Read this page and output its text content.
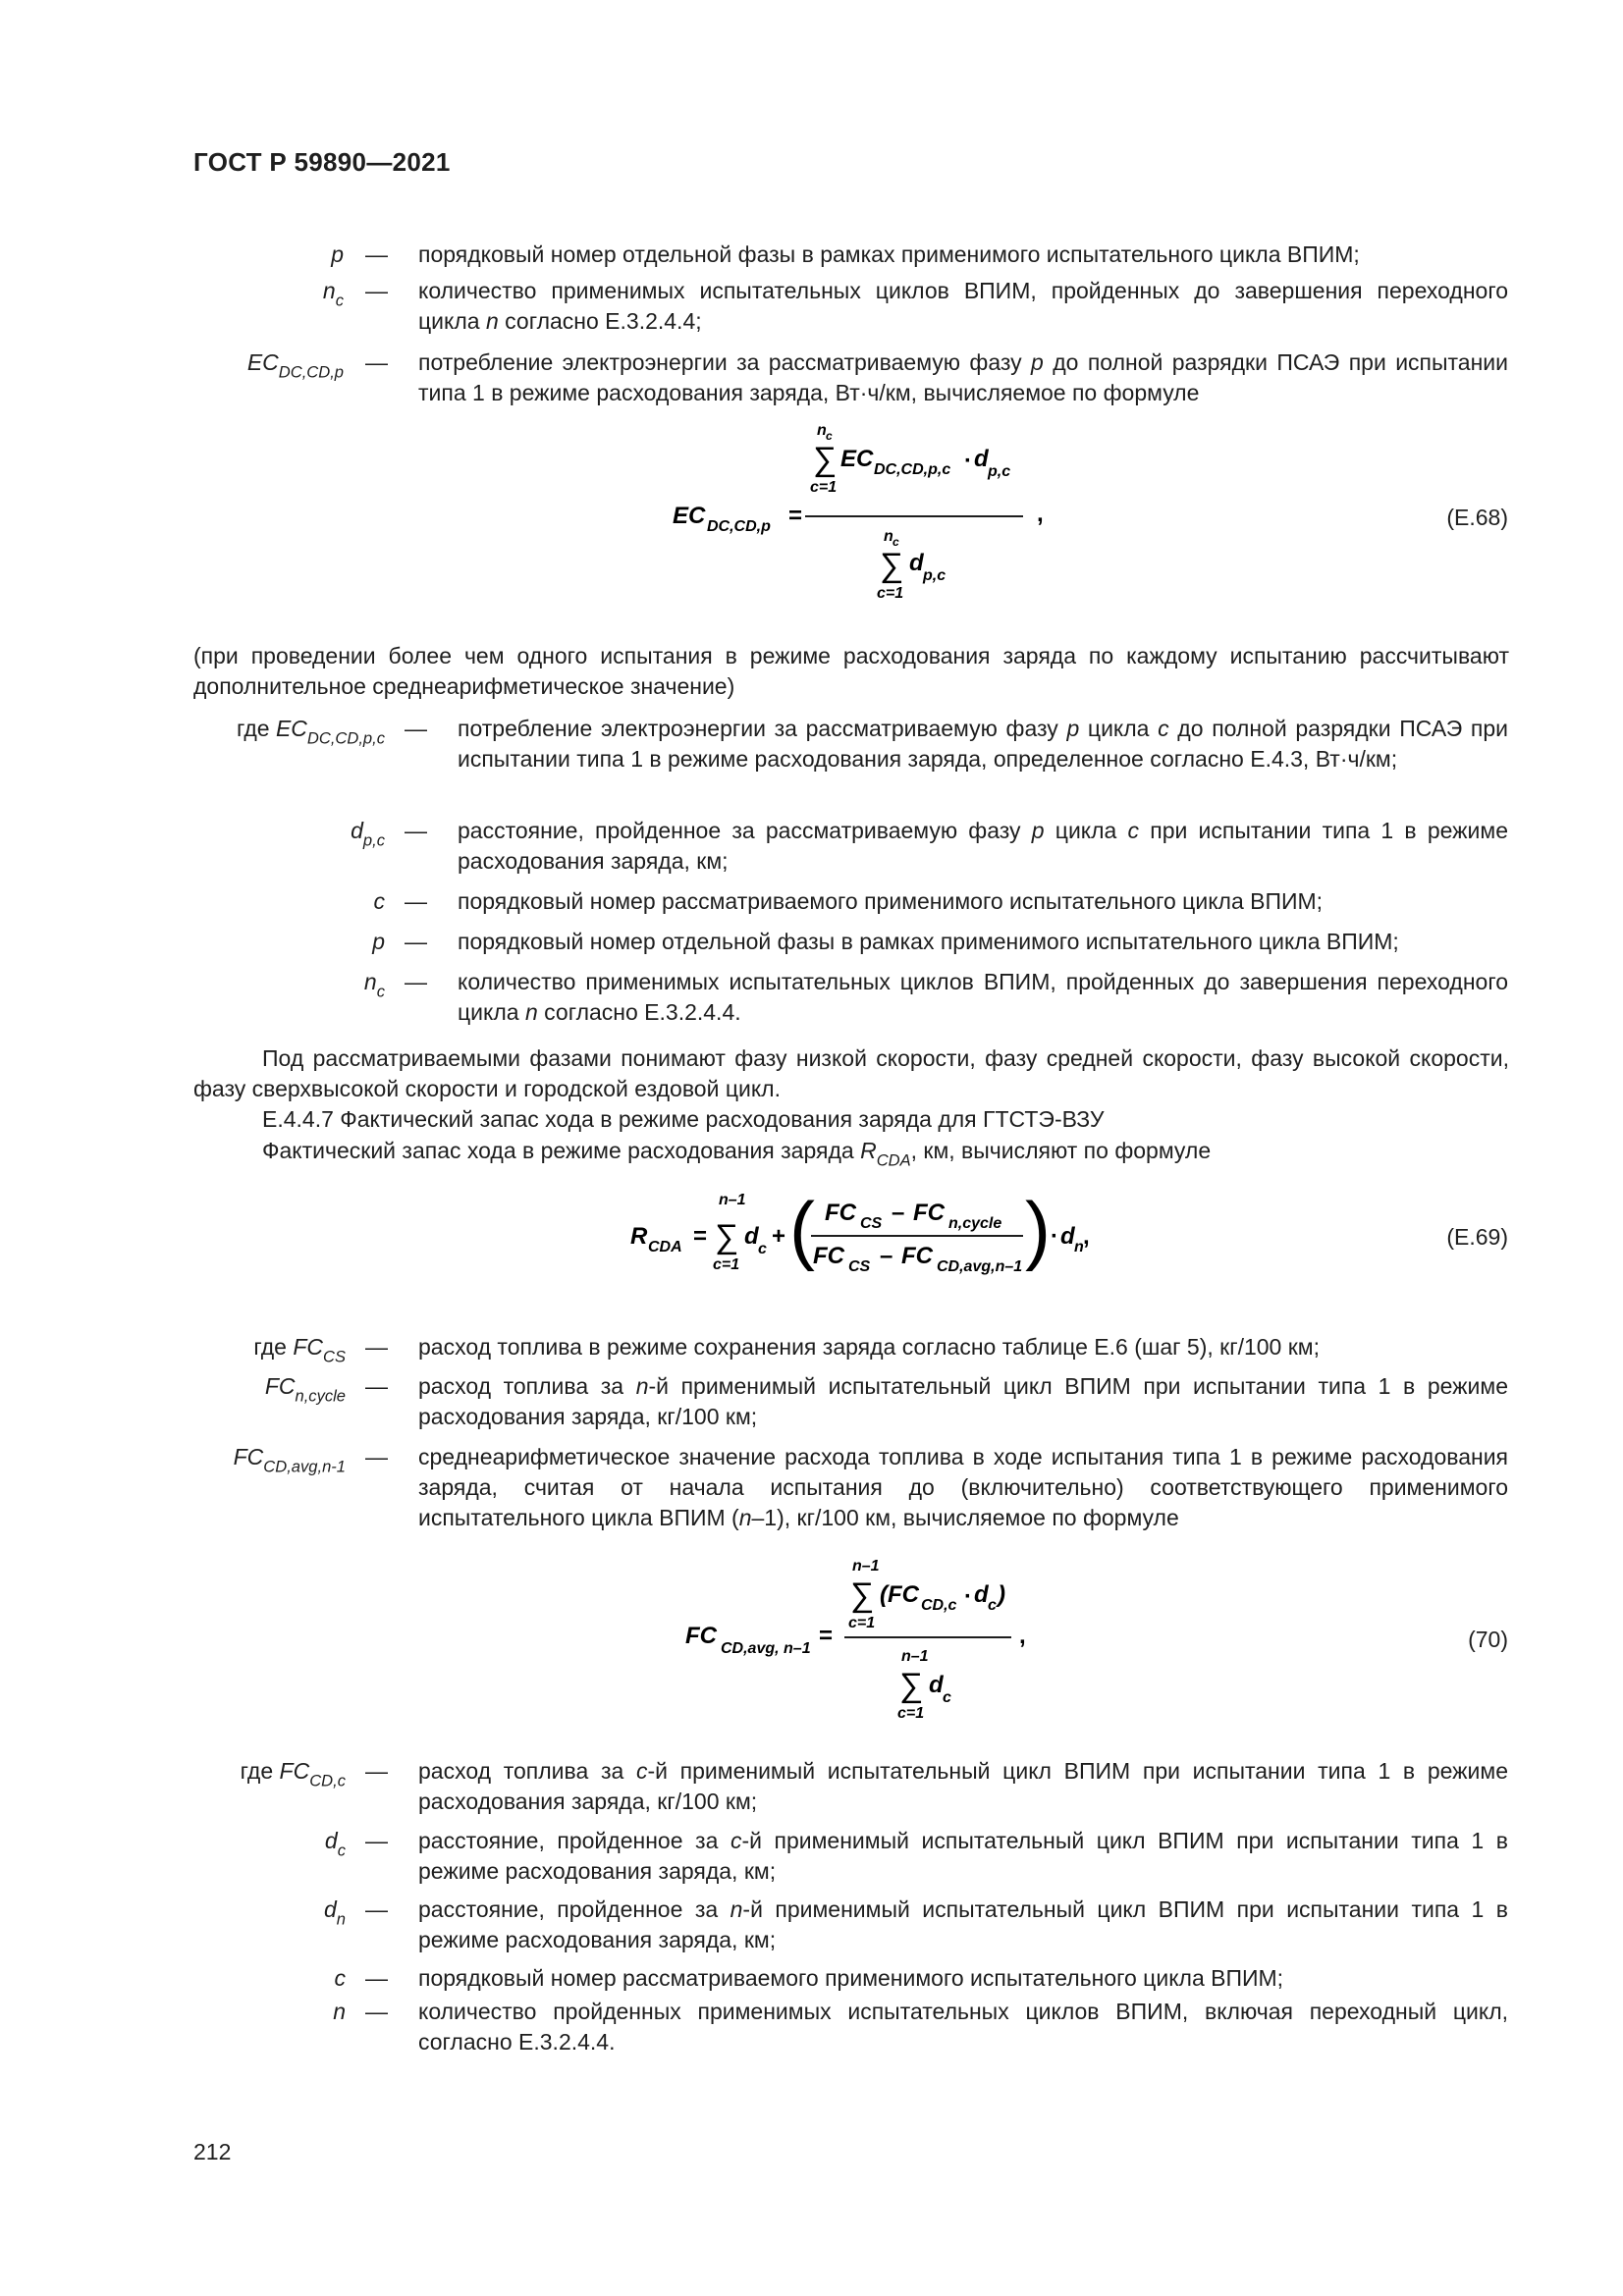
ГОСТ Р 59890—2021
p — порядковый номер отдельной фазы в рамках применимого испытательного цикла ВПИМ;
$n_c$ — количество применимых испытательных циклов ВПИМ, пройденных до завершения переходного цикла n согласно Е.3.2.4.4;
$EC_{DC,CD,p}$ — потребление электроэнергии за рассматриваемую фазу p до полной разрядки ПСАЭ при испытании типа 1 в режиме расходования заряда, Вт·ч/км, вычисляемое по формуле
EC DC,CD,p =
n c
∑
c=1
EC DC,CD,p,c · d p,c
n c
∑
c=1
d p,c
,	(Е.68)
(при проведении более чем одного испытания в режиме расходования заряда по каждому испытанию рассчитывают дополнительное среднеарифметическое значение)
где $EC_{DC,CD,p,c}$ — потребление электроэнергии за рассматриваемую фазу p цикла c до полной разрядки ПСАЭ при испытании типа 1 в режиме расходования заряда, определенное согласно Е.4.3, Вт·ч/км;
$d_{p,c}$ — расстояние, пройденное за рассматриваемую фазу p цикла c при испытании типа 1 в режиме расходования заряда, км;
c — порядковый номер рассматриваемого применимого испытательного цикла ВПИМ;
p — порядковый номер отдельной фазы в рамках применимого испытательного цикла ВПИМ;
$n_c$ — количество применимых испытательных циклов ВПИМ, пройденных до завершения переходного цикла n согласно Е.3.2.4.4.
Под рассматриваемыми фазами понимают фазу низкой скорости, фазу средней скорости, фазу высокой скорости, фазу сверхвысокой скорости и городской ездовой цикл.
Е.4.4.7 Фактический запас хода в режиме расходования заряда для ГТСТЭ-ВЗУ
Фактический запас хода в режиме расходования заряда $R_{CDA}$, км, вычисляют по формуле
R CDA =
n–1
∑
c=1
d c + ( FC CS – FC n,cycle
FC CS – FC CD,avg,n–1 ) · d n ,	(Е.69)
где $FC_{CS}$ — расход топлива в режиме сохранения заряда согласно таблице Е.6 (шаг 5), кг/100 км;
$FC_{n,cycle}$ — расход топлива за n-й применимый испытательный цикл ВПИМ при испытании типа 1 в режиме расходования заряда, кг/100 км;
$FC_{CD,avg,n-1}$ — среднеарифметическое значение расхода топлива в ходе испытания типа 1 в режиме расходования заряда, считая от начала испытания до (включительно) соответствующего применимого испытательного цикла ВПИМ (n–1), кг/100 км, вычисляемое по формуле
FC CD,avg, n–1 =
n–1
∑
c=1
(FC CD,c · d c )
n–1
∑
c=1
d c
,	(70)
где $FC_{CD,c}$ — расход топлива за c-й применимый испытательный цикл ВПИМ при испытании типа 1 в режиме расходования заряда, кг/100 км;
$d_c$ — расстояние, пройденное за c-й применимый испытательный цикл ВПИМ при испытании типа 1 в режиме расходования заряда, км;
$d_n$ — расстояние, пройденное за n-й применимый испытательный цикл ВПИМ при испытании типа 1 в режиме расходования заряда, км;
c — порядковый номер рассматриваемого применимого испытательного цикла ВПИМ;
n — количество пройденных применимых испытательных циклов ВПИМ, включая переходный цикл, согласно Е.3.2.4.4.
212
